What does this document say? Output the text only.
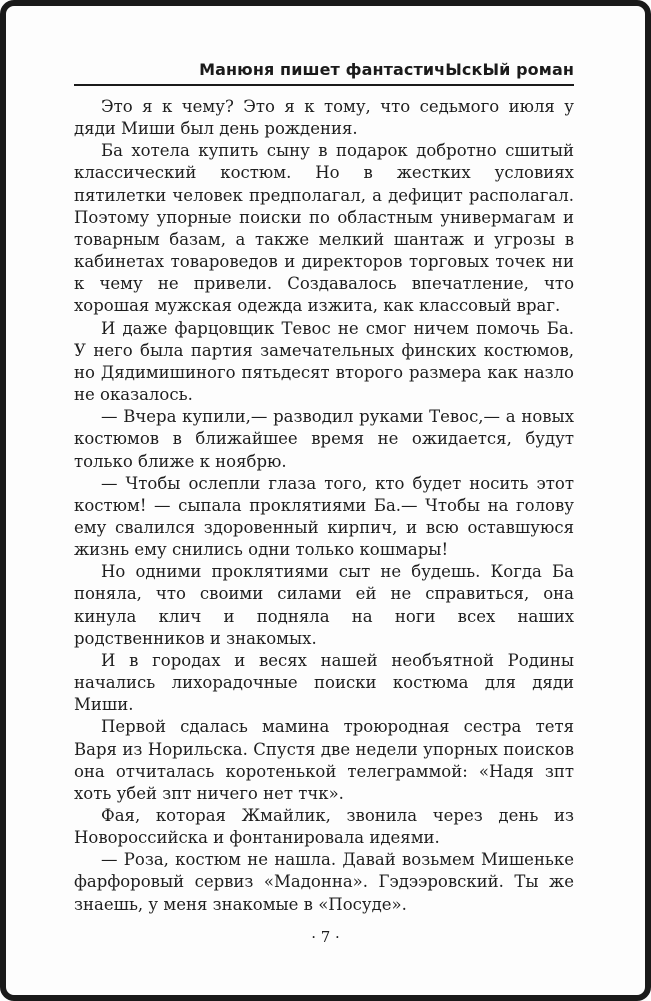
Манюня пишет фантастичЫскЫй роман

Это я к чему? Это я к тому, что седьмого июля у дяди Миши был день рождения.

Ба хотела купить сыну в подарок добротно сшитый классический костюм. Но в жестких условиях пятилетки человек предполагал, а дефицит располагал. Поэтому упорные поиски по областным универмагам и товарным базам, а также мелкий шантаж и угрозы в кабинетах товароведов и директоров торговых точек ни к чему не привели. Создавалось впечатление, что хорошая мужская одежда изжита, как классовый враг.

И даже фарцовщик Тевос не смог ничем помочь Ба. У него была партия замечательных финских костюмов, но Дядимишиного пятьдесят второго размера как назло не оказалось.

— Вчера купили,— разводил руками Тевос,— а новых костюмов в ближайшее время не ожидается, будут только ближе к ноябрю.

— Чтобы ослепли глаза того, кто будет носить этот костюм! — сыпала проклятиями Ба.— Чтобы на голову ему свалился здоровенный кирпич, и всю оставшуюся жизнь ему снились одни только кошмары!

Но одними проклятиями сыт не будешь. Когда Ба поняла, что своими силами ей не справиться, она кинула клич и подняла на ноги всех наших родственников и знакомых.

И в городах и весях нашей необъятной Родины начались лихорадочные поиски костюма для дяди Миши.

Первой сдалась мамина троюродная сестра тетя Варя из Норильска. Спустя две недели упорных поисков она отчиталась коротенькой телеграммой: «Надя зпт хоть убей зпт ничего нет тчк».

Фая, которая Жмайлик, звонила через день из Новороссийска и фонтанировала идеями.

— Роза, костюм не нашла. Давай возьмем Мишеньке фарфоровый сервиз «Мадонна». Гэдээровский. Ты же знаешь, у меня знакомые в «Посуде».

· 7 ·
